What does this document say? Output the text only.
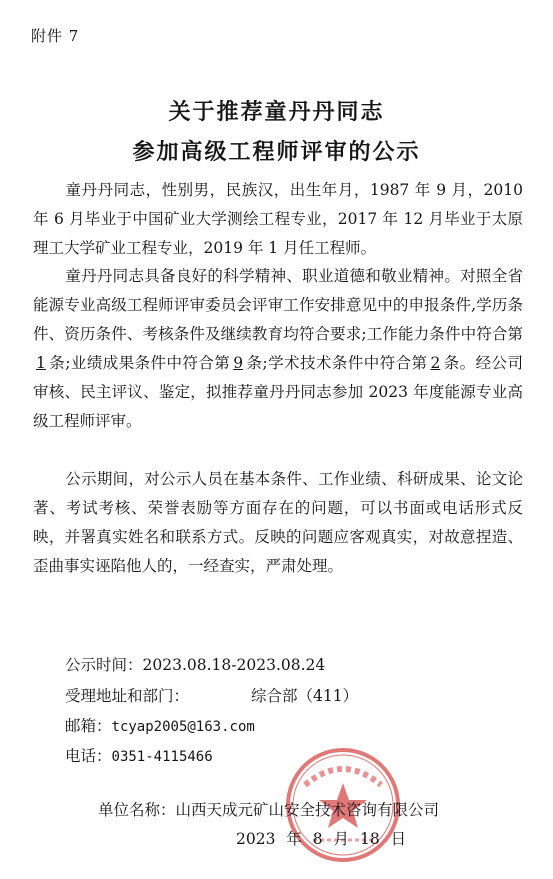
附件 7
关于推荐童丹丹同志
参加高级工程师评审的公示
童丹丹同志，性别男，民族汉，出生年月，1987 年 9 月，2010 年 6 月毕业于中国矿业大学测绘工程专业，2017 年 12 月毕业于太原理工大学矿业工程专业，2019 年 1 月任工程师。
童丹丹同志具备良好的科学精神、职业道德和敬业精神。对照全省能源专业高级工程师评审委员会评审工作安排意见中的申报条件,学历条件、资历条件、考核条件及继续教育均符合要求;工作能力条件中符合第1 条;业绩成果条件中符合第 9 条;学术技术条件中符合第 2 条。经公司审核、民主评议、鉴定，拟推荐童丹丹同志参加 2023 年度能源专业高级工程师评审。
公示期间，对公示人员在基本条件、工作业绩、科研成果、论文论著、考试考核、荣誉表励等方面存在的问题，可以书面或电话形式反映，并署真实姓名和联系方式。反映的问题应客观真实，对故意捏造、歪曲事实诬陷他人的，一经查实，严肃处理。
公示时间：2023.08.18-2023.08.24
受理地址和部门：	综合部（411）
邮箱：tcyap2005@163.com
电话：0351-4115466
单位名称：山西天成元矿山安全技术咨询有限公司
2023 年 8 月 18 日
